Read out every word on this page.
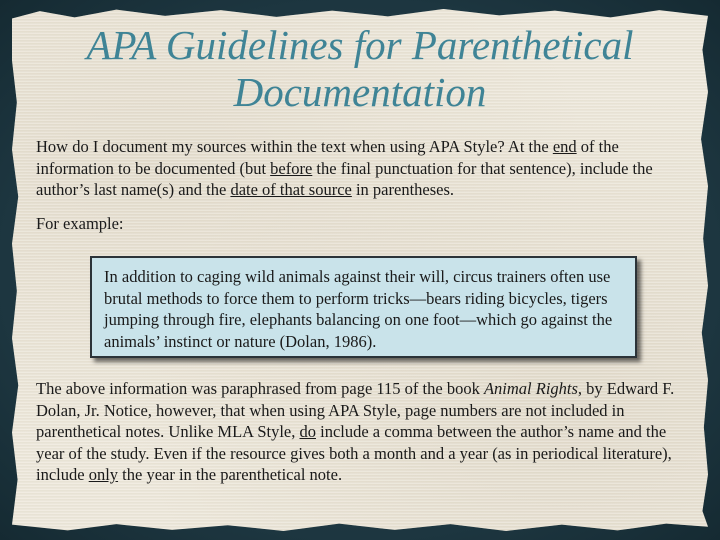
APA Guidelines for Parenthetical Documentation

How do I document my sources within the text when using APA Style? At the end of the information to be documented (but before the final punctuation for that sentence), include the author’s last name(s) and the date of that source in parentheses.

For example:

In addition to caging wild animals against their will, circus trainers often use brutal methods to force them to perform tricks—bears riding bicycles, tigers jumping through fire, elephants balancing on one foot—which go against the animals’ instinct or nature (Dolan, 1986).

The above information was paraphrased from page 115 of the book Animal Rights, by Edward F. Dolan, Jr. Notice, however, that when using APA Style, page numbers are not included in parenthetical notes. Unlike MLA Style, do include a comma between the author’s name and the year of the study. Even if the resource gives both a month and a year (as in periodical literature), include only the year in the parenthetical note.
